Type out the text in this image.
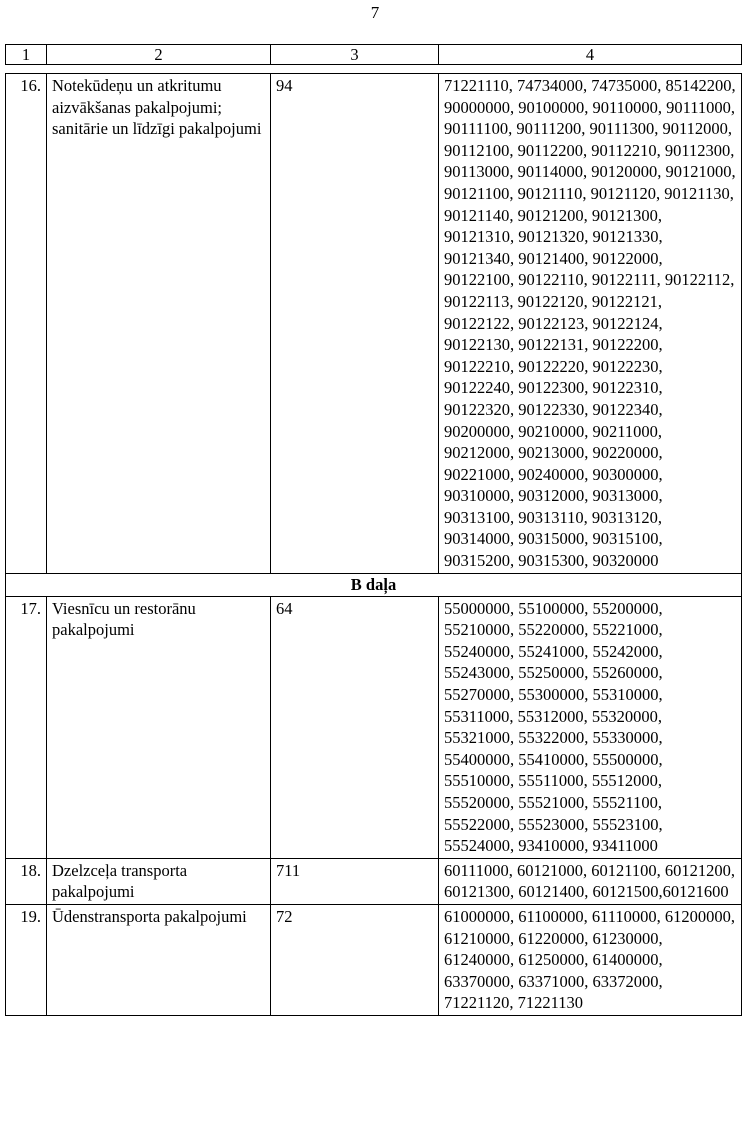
7
1	2	3	4

16.	Notekūdeņu un atkritumu aizvākšanas pakalpojumi; sanitārie un līdzīgi pakalpojumi	94	71221110, 74734000, 74735000, 85142200, 90000000, 90100000, 90110000, 90111000, 90111100, 90111200, 90111300, 90112000, 90112100, 90112200, 90112210, 90112300, 90113000, 90114000, 90120000, 90121000, 90121100, 90121110, 90121120, 90121130, 90121140, 90121200, 90121300, 90121310, 90121320, 90121330, 90121340, 90121400, 90122000, 90122100, 90122110, 90122111, 90122112, 90122113, 90122120, 90122121, 90122122, 90122123, 90122124, 90122130, 90122131, 90122200, 90122210, 90122220, 90122230, 90122240, 90122300, 90122310, 90122320, 90122330, 90122340, 90200000, 90210000, 90211000, 90212000, 90213000, 90220000, 90221000, 90240000, 90300000, 90310000, 90312000, 90313000, 90313100, 90313110, 90313120, 90314000, 90315000, 90315100, 90315200, 90315300, 90320000
B daļa			
17.	Viesnīcu un restorānu pakalpojumi	64	55000000, 55100000, 55200000, 55210000, 55220000, 55221000, 55240000, 55241000, 55242000, 55243000, 55250000, 55260000, 55270000, 55300000, 55310000, 55311000, 55312000, 55320000, 55321000, 55322000, 55330000, 55400000, 55410000, 55500000, 55510000, 55511000, 55512000, 55520000, 55521000, 55521100, 55522000, 55523000, 55523100, 55524000, 93410000, 93411000
18.	Dzelzceļa transporta pakalpojumi	711	60111000, 60121000, 60121100, 60121200, 60121300, 60121400, 60121500,60121600
19.	Ūdenstransporta pakalpojumi	72	61000000, 61100000, 61110000, 61200000, 61210000, 61220000, 61230000, 61240000, 61250000, 61400000, 63370000, 63371000, 63372000, 71221120, 71221130
